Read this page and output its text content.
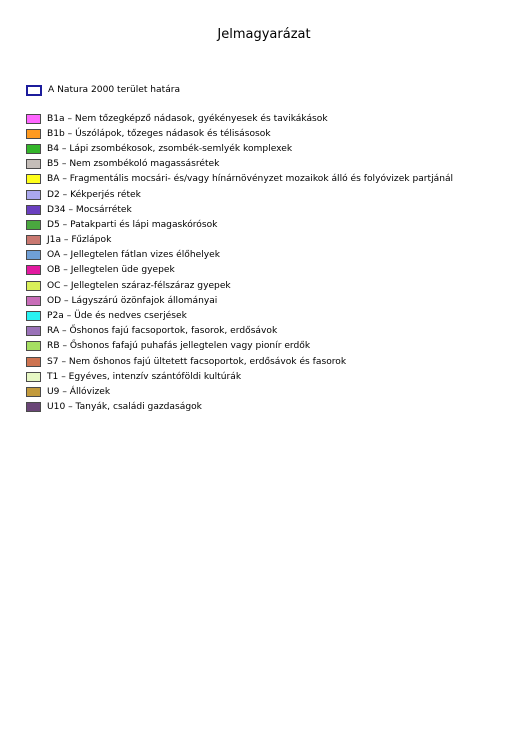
Jelmagyarázat
A Natura 2000 terület határa
B1a – Nem tőzegképző nádasok, gyékényesek és tavikákások
B1b – Úszólápok, tőzeges nádasok és télisásosok
B4 – Lápi zsombékosok, zsombék-semlyék komplexek
B5 – Nem zsombékoló magassásrétek
BA – Fragmentális mocsári- és/vagy hínárnövényzet mozaikok álló és folyóvizek partjánál
D2 – Kékperjés rétek
D34 – Mocsárrétek
D5 – Patakparti és lápi magaskórósok
J1a – Fűzlápok
OA – Jellegtelen fátlan vizes élőhelyek
OB – Jellegtelen üde gyepek
OC – Jellegtelen száraz-félszáraz gyepek
OD – Lágyszárú özönfajok állományai
P2a – Üde és nedves cserjések
RA – Őshonos fajú facsoportok, fasorok, erdősávok
RB – Őshonos fafajú puhafás jellegtelen vagy pionír erdők
S7 – Nem őshonos fajú ültetett facsoportok, erdősávok és fasorok
T1 – Egyéves, intenzív szántóföldi kultúrák
U9 – Állóvizek
U10 – Tanyák, családi gazdaságok
